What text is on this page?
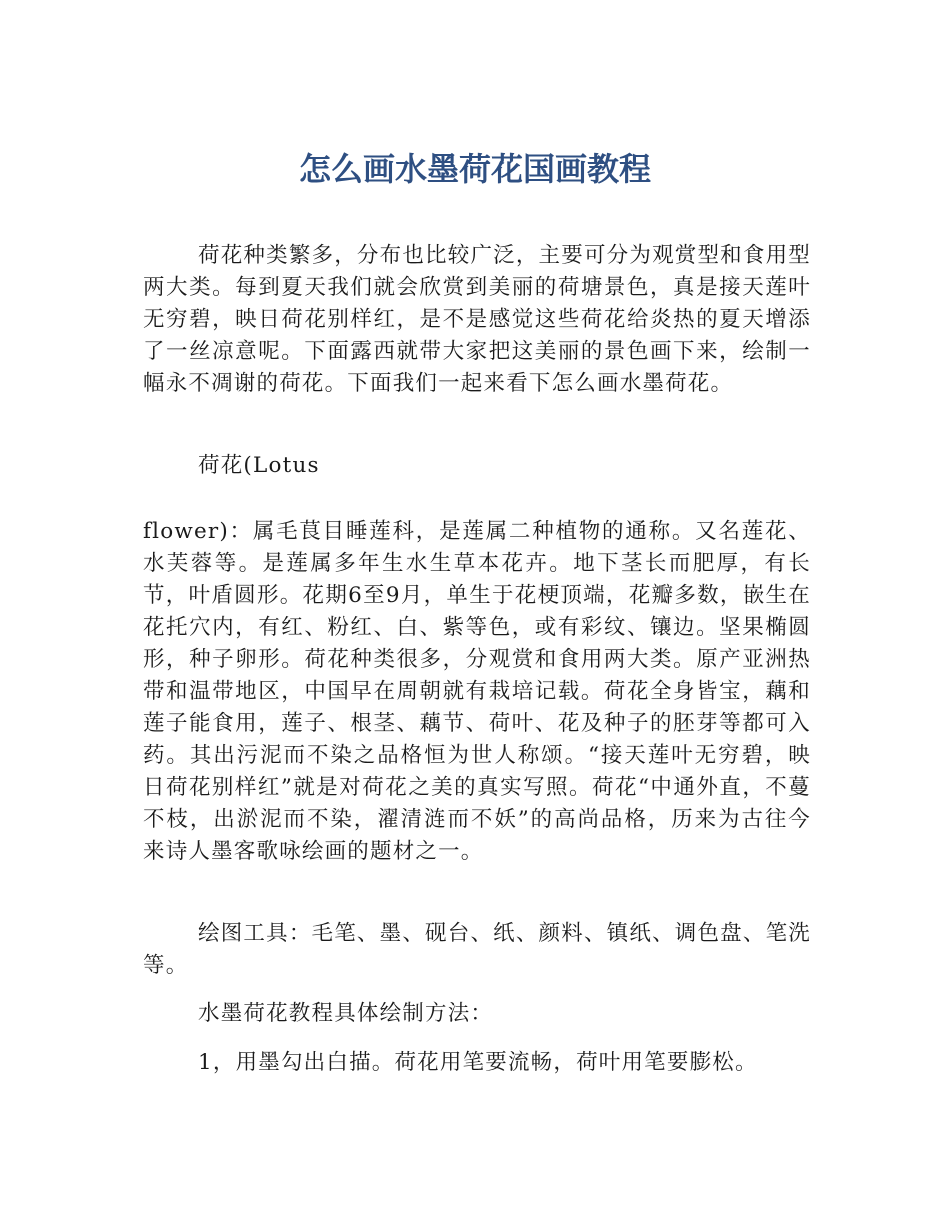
怎么画水墨荷花国画教程

荷花种类繁多，分布也比较广泛，主要可分为观赏型和食用型两大类。每到夏天我们就会欣赏到美丽的荷塘景色，真是接天莲叶无穷碧，映日荷花别样红，是不是感觉这些荷花给炎热的夏天增添了一丝凉意呢。下面露西就带大家把这美丽的景色画下来，绘制一幅永不凋谢的荷花。下面我们一起来看下怎么画水墨荷花。

荷花(Lotus

flower)：属毛茛目睡莲科，是莲属二种植物的通称。又名莲花、水芙蓉等。是莲属多年生水生草本花卉。地下茎长而肥厚，有长节，叶盾圆形。花期6至9月，单生于花梗顶端，花瓣多数，嵌生在花托穴内，有红、粉红、白、紫等色，或有彩纹、镶边。坚果椭圆形，种子卵形。荷花种类很多，分观赏和食用两大类。原产亚洲热带和温带地区，中国早在周朝就有栽培记载。荷花全身皆宝，藕和莲子能食用，莲子、根茎、藕节、荷叶、花及种子的胚芽等都可入药。其出污泥而不染之品格恒为世人称颂。“接天莲叶无穷碧，映日荷花别样红”就是对荷花之美的真实写照。荷花“中通外直，不蔓不枝，出淤泥而不染，濯清涟而不妖”的高尚品格，历来为古往今来诗人墨客歌咏绘画的题材之一。

绘图工具：毛笔、墨、砚台、纸、颜料、镇纸、调色盘、笔洗等。

水墨荷花教程具体绘制方法：

1，用墨勾出白描。荷花用笔要流畅，荷叶用笔要膨松。
